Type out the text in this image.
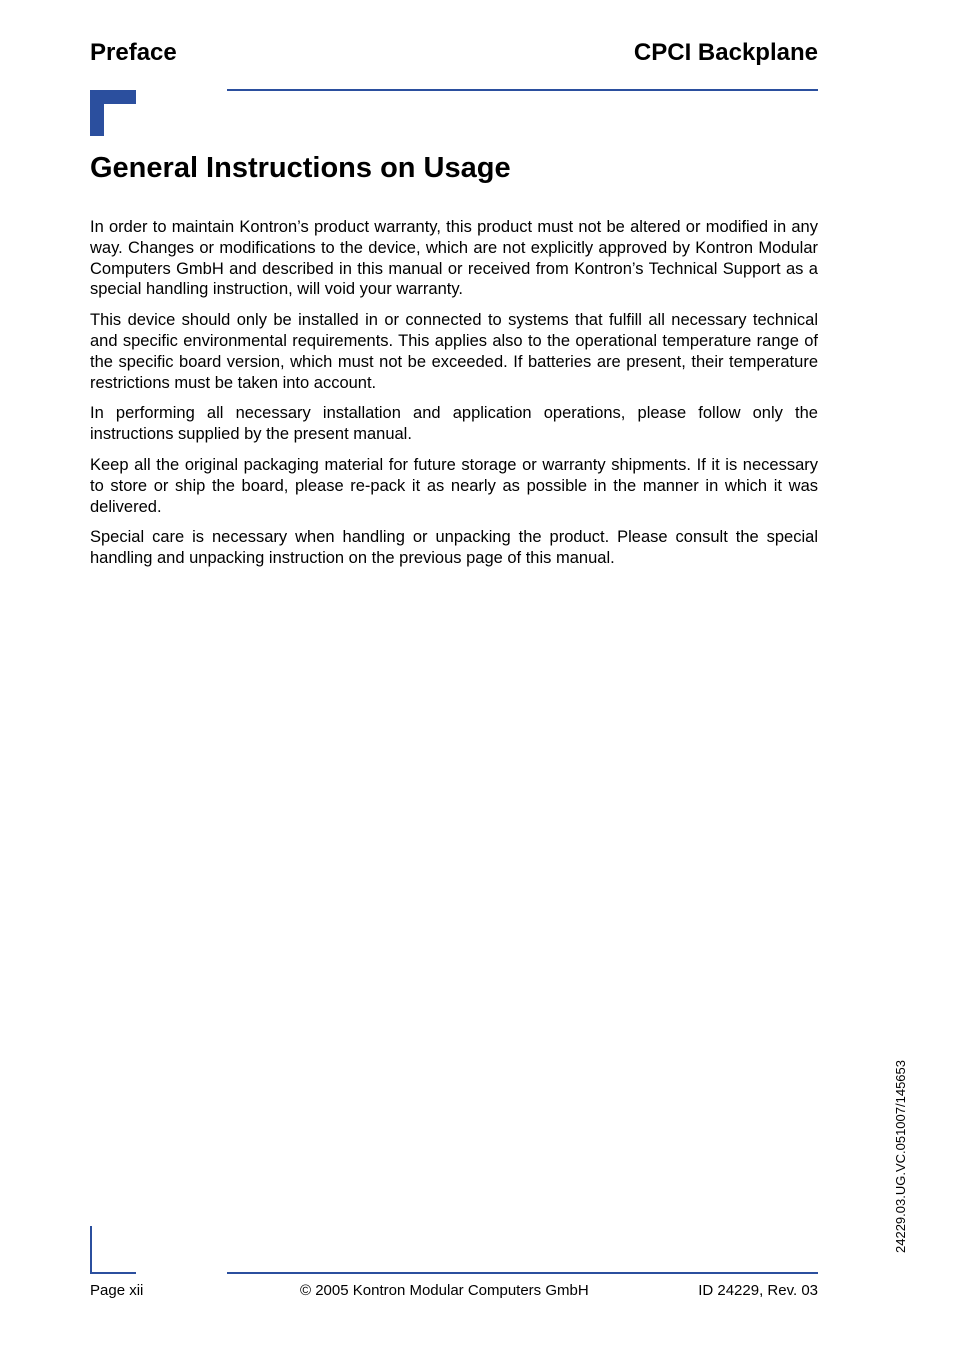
Preface	CPCI Backplane
General Instructions on Usage

In order to maintain Kontron’s product warranty, this product must not be altered or modified in any way. Changes or modifications to the device, which are not explicitly approved by Kontron Modular Computers GmbH and described in this manual or received from Kontron’s Technical Support as a special handling instruction, will void your warranty.

This device should only be installed in or connected to systems that fulfill all necessary technical and specific environmental requirements. This applies also to the operational temperature range of the specific board version, which must not be exceeded. If batteries are present, their temperature restrictions must be taken into account.

In performing all necessary installation and application operations, please follow only the instructions supplied by the present manual.

Keep all the original packaging material for future storage or warranty shipments. If it is necessary to store or ship the board, please re-pack it as nearly as possible in the manner in which it was delivered.

Special care is necessary when handling or unpacking the product. Please consult the special handling and unpacking instruction on the previous page of this manual.

24229.03.UG.VC.051007/145653
Page xii	© 2005 Kontron Modular Computers GmbH	ID 24229, Rev. 03
